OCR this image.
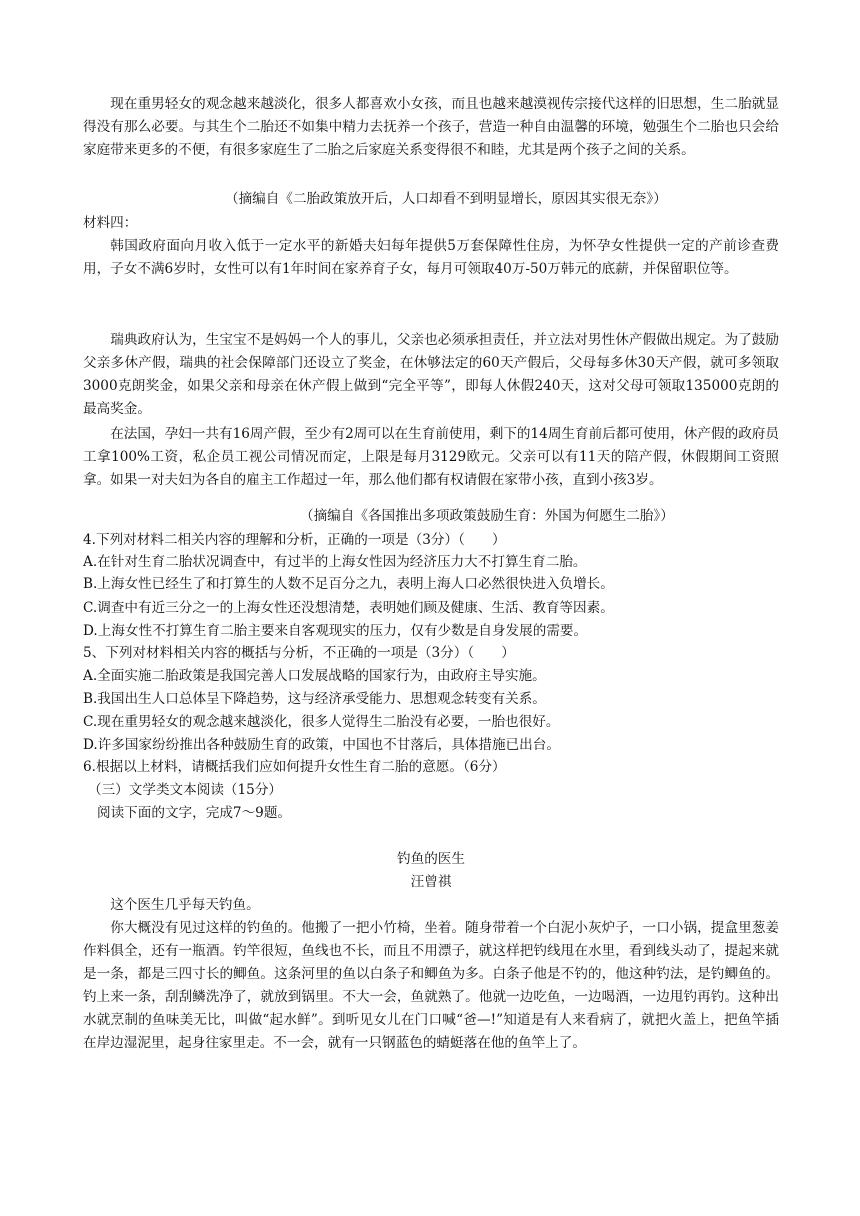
现在重男轻女的观念越来越淡化，很多人都喜欢小女孩，而且也越来越漠视传宗接代这样的旧思想，生二胎就显得没有那么必要。与其生个二胎还不如集中精力去抚养一个孩子，营造一种自由温馨的环境，勉强生个二胎也只会给家庭带来更多的不便，有很多家庭生了二胎之后家庭关系变得很不和睦，尤其是两个孩子之间的关系。

（摘编自《二胎政策放开后，人口却看不到明显增长，原因其实很无奈》）

材料四：

韩国政府面向月收入低于一定水平的新婚夫妇每年提供5万套保障性住房，为怀孕女性提供一定的产前诊查费用，子女不满6岁时，女性可以有1年时间在家养育子女，每月可领取40万-50万韩元的底薪，并保留职位等。

瑞典政府认为，生宝宝不是妈妈一个人的事儿，父亲也必须承担责任，并立法对男性休产假做出规定。为了鼓励父亲多休产假，瑞典的社会保障部门还设立了奖金，在休够法定的60天产假后，父母每多休30天产假，就可多领取3000克朗奖金，如果父亲和母亲在休产假上做到“完全平等”，即每人休假240天，这对父母可领取135000克朗的最高奖金。

在法国，孕妇一共有16周产假，至少有2周可以在生育前使用，剩下的14周生育前后都可使用，休产假的政府员工拿100%工资，私企员工视公司情况而定，上限是每月3129欧元。父亲可以有11天的陪产假，休假期间工资照拿。如果一对夫妇为各自的雇主工作超过一年，那么他们都有权请假在家带小孩，直到小孩3岁。

（摘编自《各国推出多项政策鼓励生育：外国为何愿生二胎》）

4.下列对材料二相关内容的理解和分析，正确的一项是（3分）（　　）
A.在针对生育二胎状况调查中，有过半的上海女性因为经济压力大不打算生育二胎。
B.上海女性已经生了和打算生的人数不足百分之九，表明上海人口必然很快进入负增长。
C.调查中有近三分之一的上海女性还没想清楚，表明她们顾及健康、生活、教育等因素。
D.上海女性不打算生育二胎主要来自客观现实的压力，仅有少数是自身发展的需要。
5、下列对材料相关内容的概括与分析，不正确的一项是（3分）（　　）
A.全面实施二胎政策是我国完善人口发展战略的国家行为，由政府主导实施。
B.我国出生人口总体呈下降趋势，这与经济承受能力、思想观念转变有关系。
C.现在重男轻女的观念越来越淡化，很多人觉得生二胎没有必要，一胎也很好。
D.许多国家纷纷推出各种鼓励生育的政策，中国也不甘落后，具体措施已出台。
6.根据以上材料，请概括我们应如何提升女性生育二胎的意愿。（6分）
（三）文学类文本阅读（15分）
阅读下面的文字，完成7～9题。
钓鱼的医生
汪曾祺

这个医生几乎每天钓鱼。

你大概没有见过这样的钓鱼的。他搬了一把小竹椅，坐着。随身带着一个白泥小灰炉子，一口小锅，提盒里葱姜作料俱全，还有一瓶酒。钓竿很短，鱼线也不长，而且不用漂子，就这样把钓线甩在水里，看到线头动了，提起来就是一条，都是三四寸长的鲫鱼。这条河里的鱼以白条子和鲫鱼为多。白条子他是不钓的，他这种钓法，是钓鲫鱼的。钓上来一条，刮刮鳞洗净了，就放到锅里。不大一会，鱼就熟了。他就一边吃鱼，一边喝酒，一边甩钓再钓。这种出水就烹制的鱼味美无比，叫做“起水鲜”。到听见女儿在门口喊“爸—!”知道是有人来看病了，就把火盖上，把鱼竿插在岸边湿泥里，起身往家里走。不一会，就有一只钢蓝色的蜻蜓落在他的鱼竿上了。
